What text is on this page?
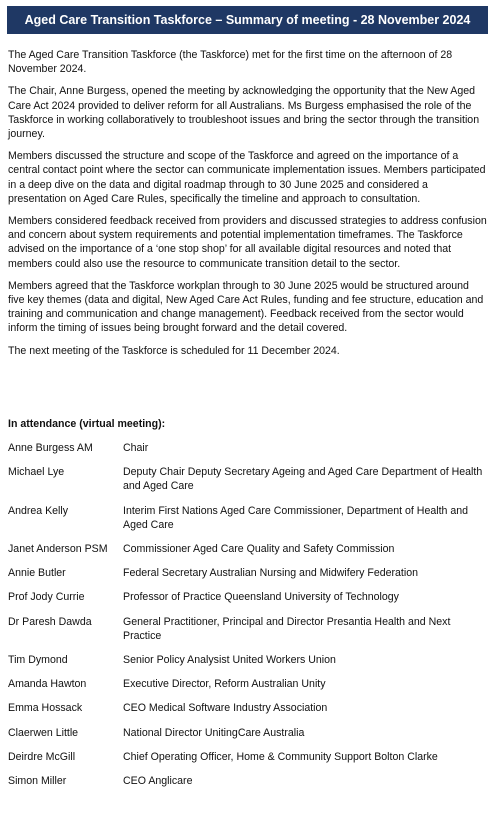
Aged Care Transition Taskforce – Summary of meeting - 28 November 2024

The Aged Care Transition Taskforce (the Taskforce) met for the first time on the afternoon of 28 November 2024.

The Chair, Anne Burgess, opened the meeting by acknowledging the opportunity that the New Aged Care Act 2024 provided to deliver reform for all Australians. Ms Burgess emphasised the role of the Taskforce in working collaboratively to troubleshoot issues and bring the sector through the transition journey.

Members discussed the structure and scope of the Taskforce and agreed on the importance of a central contact point where the sector can communicate implementation issues. Members participated in a deep dive on the data and digital roadmap through to 30 June 2025 and considered a presentation on Aged Care Rules, specifically the timeline and approach to consultation.

Members considered feedback received from providers and discussed strategies to address confusion and concern about system requirements and potential implementation timeframes. The Taskforce advised on the importance of a ‘one stop shop’ for all available digital resources and noted that members could also use the resource to communicate transition detail to the sector.

Members agreed that the Taskforce workplan through to 30 June 2025 would be structured around five key themes (data and digital, New Aged Care Act Rules, funding and fee structure, education and training and communication and change management). Feedback received from the sector would inform the timing of issues being brought forward and the detail covered.

The next meeting of the Taskforce is scheduled for 11 December 2024.

In attendance (virtual meeting):
Anne Burgess AM	Chair
Michael Lye	Deputy Chair Deputy Secretary Ageing and Aged Care Department of Health and Aged Care
Andrea Kelly	Interim First Nations Aged Care Commissioner, Department of Health and Aged Care
Janet Anderson PSM	Commissioner Aged Care Quality and Safety Commission
Annie Butler	Federal Secretary Australian Nursing and Midwifery Federation
Prof Jody Currie	Professor of Practice Queensland University of Technology
Dr Paresh Dawda	General Practitioner, Principal and Director Presantia Health and Next Practice
Tim Dymond	Senior Policy Analysist United Workers Union
Amanda Hawton	Executive Director, Reform Australian Unity
Emma Hossack	CEO Medical Software Industry Association
Claerwen Little	National Director UnitingCare Australia
Deirdre McGill	Chief Operating Officer, Home & Community Support Bolton Clarke
Simon Miller	CEO Anglicare
